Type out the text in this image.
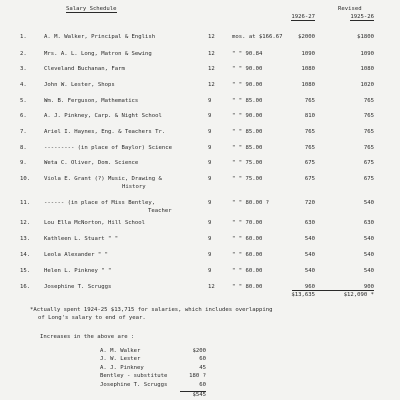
Salary Schedule	Revised
1926-27	1925-26
1.	A. M. Walker, Principal & English	12	mos. at $166.67	$2000	$1800
2.	Mrs. A. L. Long, Matron & Sewing	12	" " 90.84	1090	1090
3.	Cleveland Buchanan, Farm	12	" " 90.00	1080	1080
4.	John W. Lester, Shops	12	" " 90.00	1080	1020
5.	Wm. B. Ferguson, Mathematics	9	" " 85.00	765	765
6.	A. J. Pinkney, Carp. & Night School	9	" " 90.00	810	765
7.	Ariel I. Haynes, Eng. & Teachers Tr.	9	" " 85.00	765	765
8.	--------- (in place of Baylor) Science	9	" " 85.00	765	765
9.	Weta C. Oliver, Dom. Science	9	" " 75.00	675	675
10.	Viola E. Grant (?) Music, Drawing &	9	" " 75.00	675	675
History
11.	------ (in place of Miss Bentley,	9	" " 80.00 ?	720	540
Teacher
12.	Lou Ella McNorton, Hill School	9	" " 70.00	630	630
13.	Kathleen L. Stuart " "	9	" " 60.00	540	540
14.	Leola Alexander " "	9	" " 60.00	540	540
15.	Helen L. Pinkney " "	9	" " 60.00	540	540
16.	Josephine T. Scruggs	12	" " 80.00	960	900
$13,635	$12,090 *
*Actually spent 1924-25 $13,715 for salaries, which includes overlapping
of Long's salary to end of year.
Increases in the above are :
A. M. Walker	$200
J. W. Lester	60
A. J. Pinkney	45
Bentley - substitute	180 ?
Josephine T. Scruggs	60
$545
